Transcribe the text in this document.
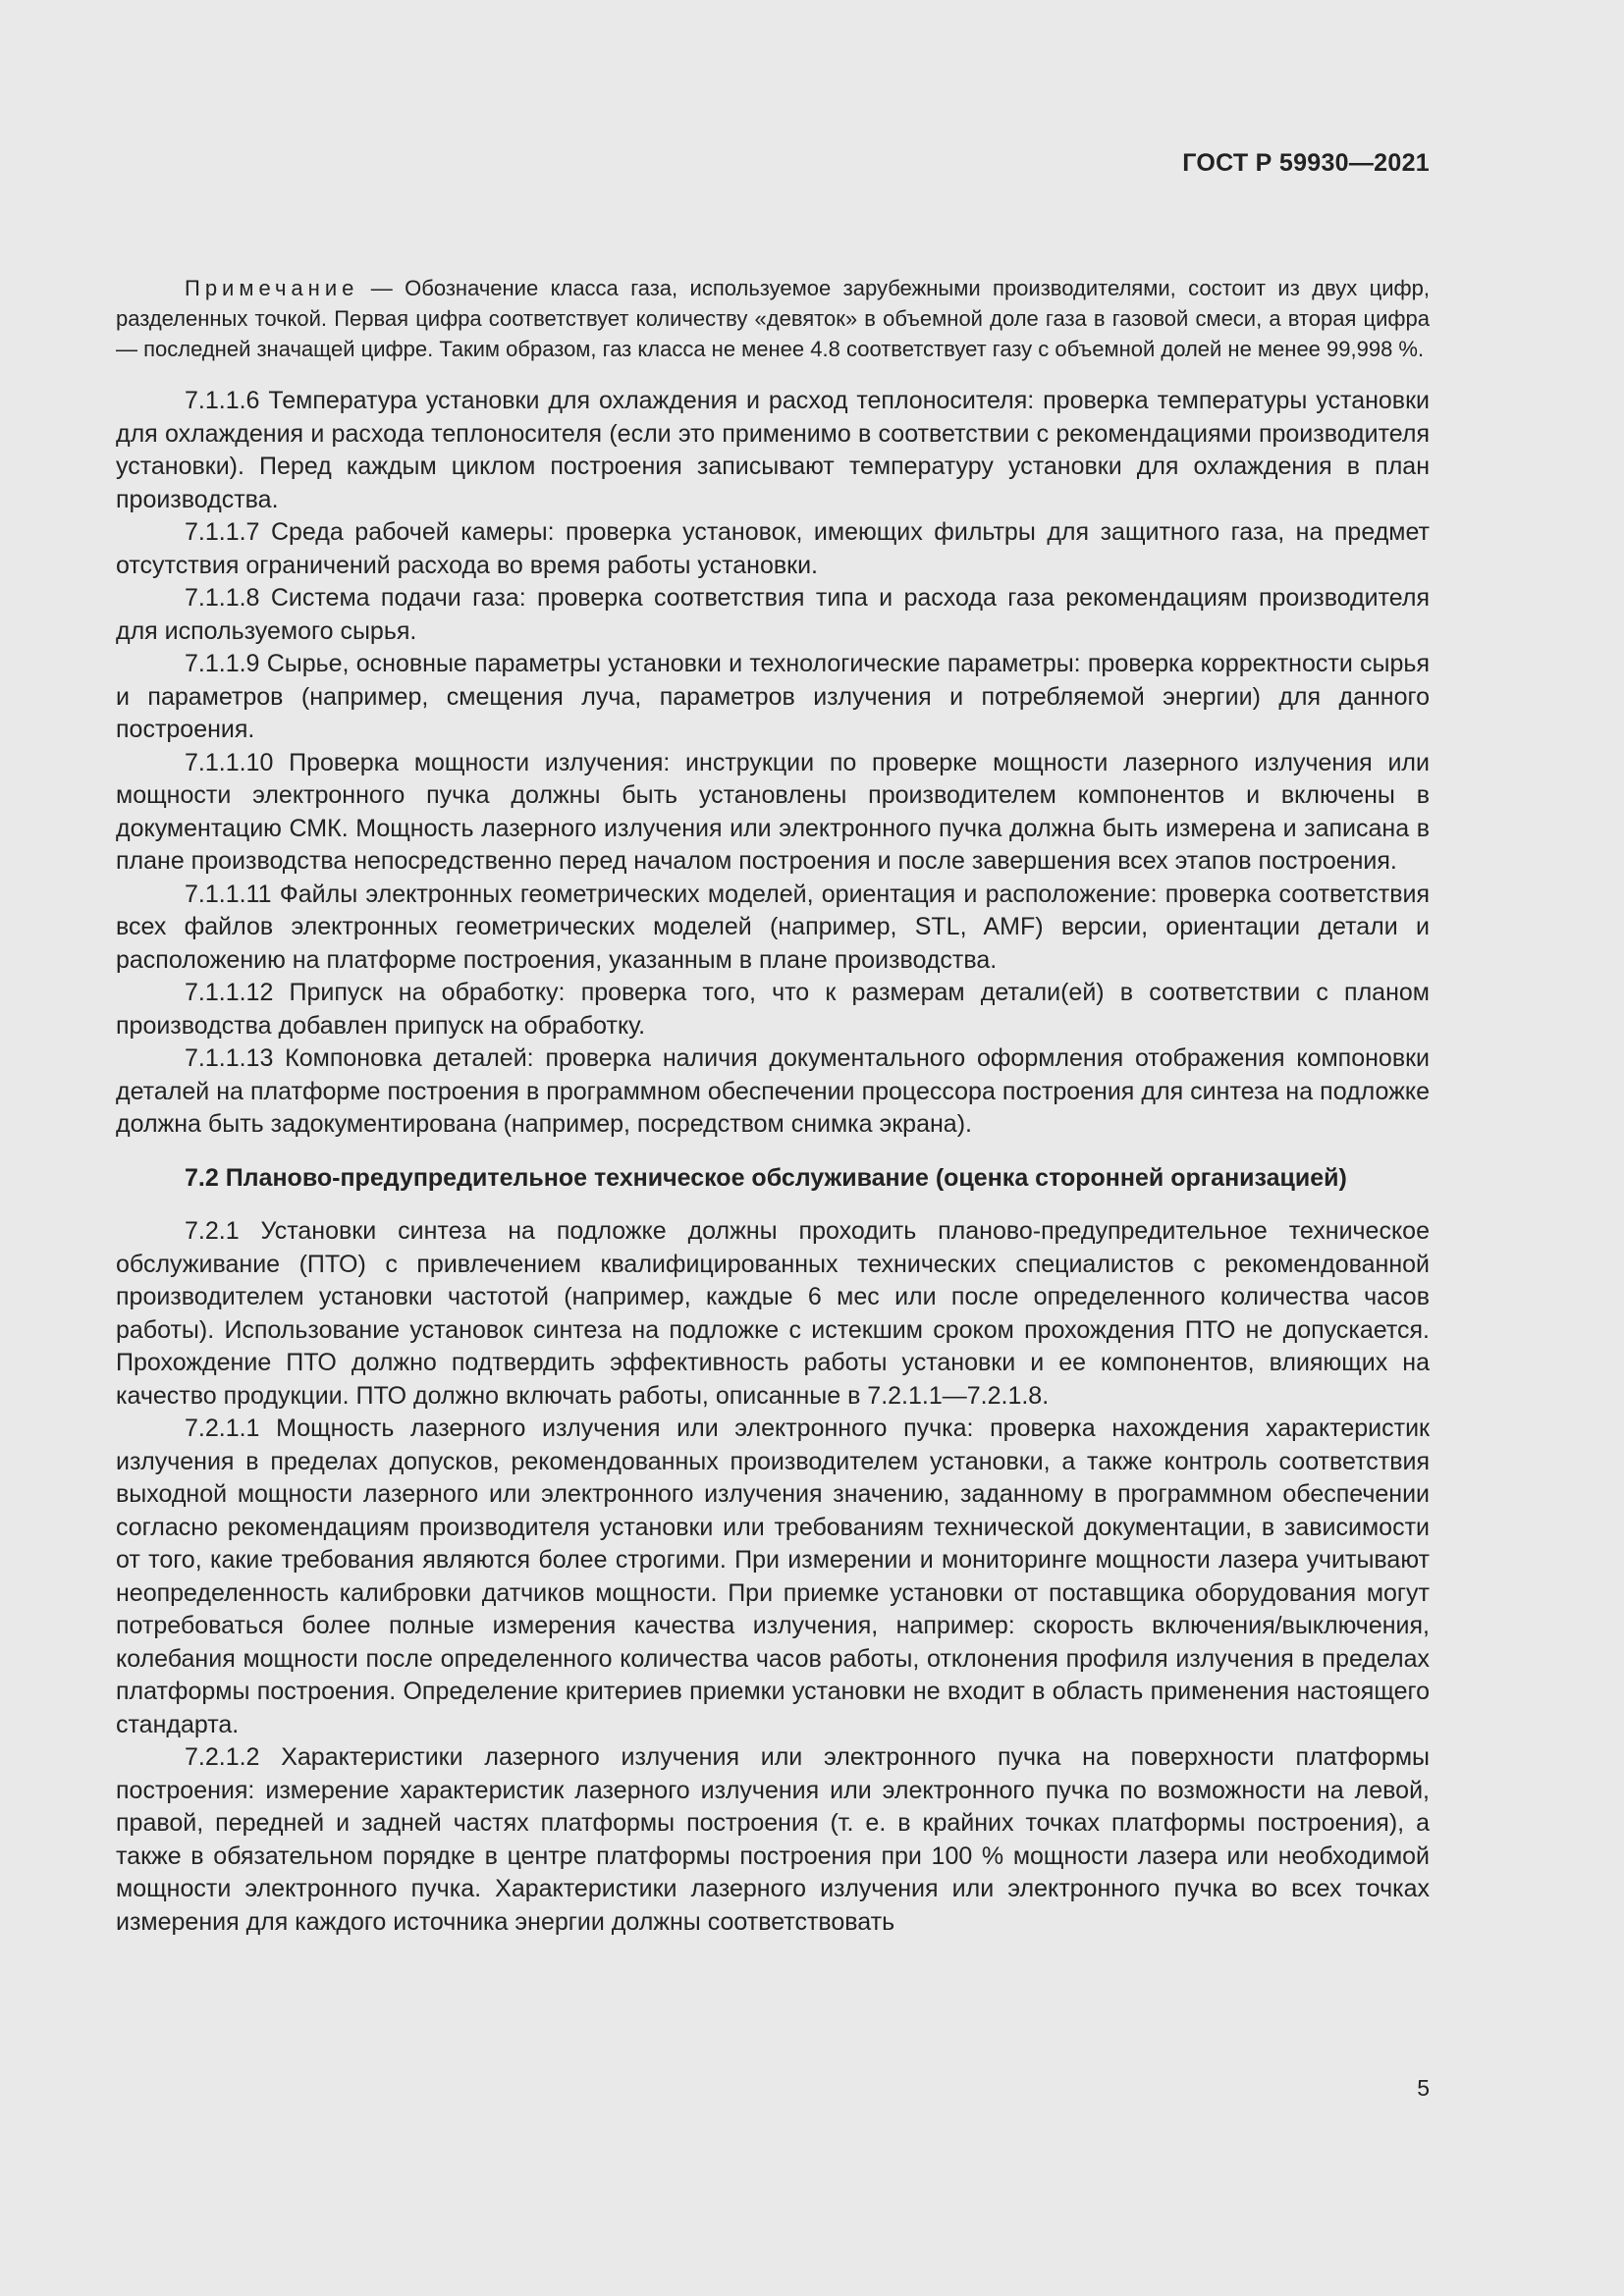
ГОСТ Р 59930—2021

Примечание — Обозначение класса газа, используемое зарубежными производителями, состоит из двух цифр, разделенных точкой. Первая цифра соответствует количеству «девяток» в объемной доле газа в газовой смеси, а вторая цифра — последней значащей цифре. Таким образом, газ класса не менее 4.8 соответствует газу с объемной долей не менее 99,998 %.

7.1.1.6 Температура установки для охлаждения и расход теплоносителя: проверка температуры установки для охлаждения и расхода теплоносителя (если это применимо в соответствии с рекомендациями производителя установки). Перед каждым циклом построения записывают температуру установки для охлаждения в план производства.

7.1.1.7 Среда рабочей камеры: проверка установок, имеющих фильтры для защитного газа, на предмет отсутствия ограничений расхода во время работы установки.

7.1.1.8 Система подачи газа: проверка соответствия типа и расхода газа рекомендациям производителя для используемого сырья.

7.1.1.9 Сырье, основные параметры установки и технологические параметры: проверка корректности сырья и параметров (например, смещения луча, параметров излучения и потребляемой энергии) для данного построения.

7.1.1.10 Проверка мощности излучения: инструкции по проверке мощности лазерного излучения или мощности электронного пучка должны быть установлены производителем компонентов и включены в документацию СМК. Мощность лазерного излучения или электронного пучка должна быть измерена и записана в плане производства непосредственно перед началом построения и после завершения всех этапов построения.

7.1.1.11 Файлы электронных геометрических моделей, ориентация и расположение: проверка соответствия всех файлов электронных геометрических моделей (например, STL, AMF) версии, ориентации детали и расположению на платформе построения, указанным в плане производства.

7.1.1.12 Припуск на обработку: проверка того, что к размерам детали(ей) в соответствии с планом производства добавлен припуск на обработку.

7.1.1.13 Компоновка деталей: проверка наличия документального оформления отображения компоновки деталей на платформе построения в программном обеспечении процессора построения для синтеза на подложке должна быть задокументирована (например, посредством снимка экрана).

7.2 Планово-предупредительное техническое обслуживание (оценка сторонней организацией)

7.2.1 Установки синтеза на подложке должны проходить планово-предупредительное техническое обслуживание (ПТО) с привлечением квалифицированных технических специалистов с рекомендованной производителем установки частотой (например, каждые 6 мес или после определенного количества часов работы). Использование установок синтеза на подложке с истекшим сроком прохождения ПТО не допускается. Прохождение ПТО должно подтвердить эффективность работы установки и ее компонентов, влияющих на качество продукции. ПТО должно включать работы, описанные в 7.2.1.1—7.2.1.8.

7.2.1.1 Мощность лазерного излучения или электронного пучка: проверка нахождения характеристик излучения в пределах допусков, рекомендованных производителем установки, а также контроль соответствия выходной мощности лазерного или электронного излучения значению, заданному в программном обеспечении согласно рекомендациям производителя установки или требованиям технической документации, в зависимости от того, какие требования являются более строгими. При измерении и мониторинге мощности лазера учитывают неопределенность калибровки датчиков мощности. При приемке установки от поставщика оборудования могут потребоваться более полные измерения качества излучения, например: скорость включения/выключения, колебания мощности после определенного количества часов работы, отклонения профиля излучения в пределах платформы построения. Определение критериев приемки установки не входит в область применения настоящего стандарта.

7.2.1.2 Характеристики лазерного излучения или электронного пучка на поверхности платформы построения: измерение характеристик лазерного излучения или электронного пучка по возможности на левой, правой, передней и задней частях платформы построения (т. е. в крайних точках платформы построения), а также в обязательном порядке в центре платформы построения при 100 % мощности лазера или необходимой мощности электронного пучка. Характеристики лазерного излучения или электронного пучка во всех точках измерения для каждого источника энергии должны соответствовать

5
